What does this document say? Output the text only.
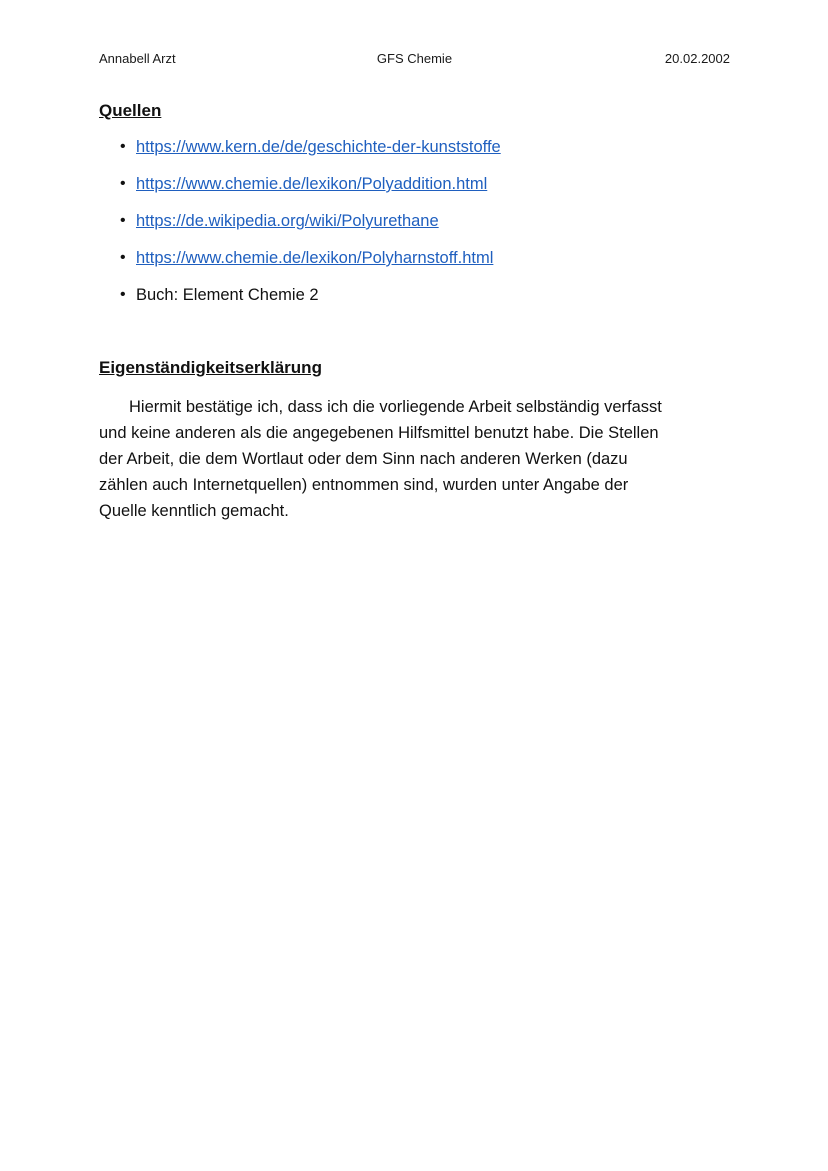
Annabell Arzt	GFS Chemie	20.02.2002
Quellen
• https://www.kern.de/de/geschichte-der-kunststoffe
• https://www.chemie.de/lexikon/Polyaddition.html
• https://de.wikipedia.org/wiki/Polyurethane
• https://www.chemie.de/lexikon/Polyharnstoff.html
• Buch: Element Chemie 2
Eigenständigkeitserklärung
Hiermit bestätige ich, dass ich die vorliegende Arbeit selbständig verfasst
und keine anderen als die angegebenen Hilfsmittel benutzt habe. Die Stellen
der Arbeit, die dem Wortlaut oder dem Sinn nach anderen Werken (dazu
zählen auch Internetquellen) entnommen sind, wurden unter Angabe der
Quelle kenntlich gemacht.
